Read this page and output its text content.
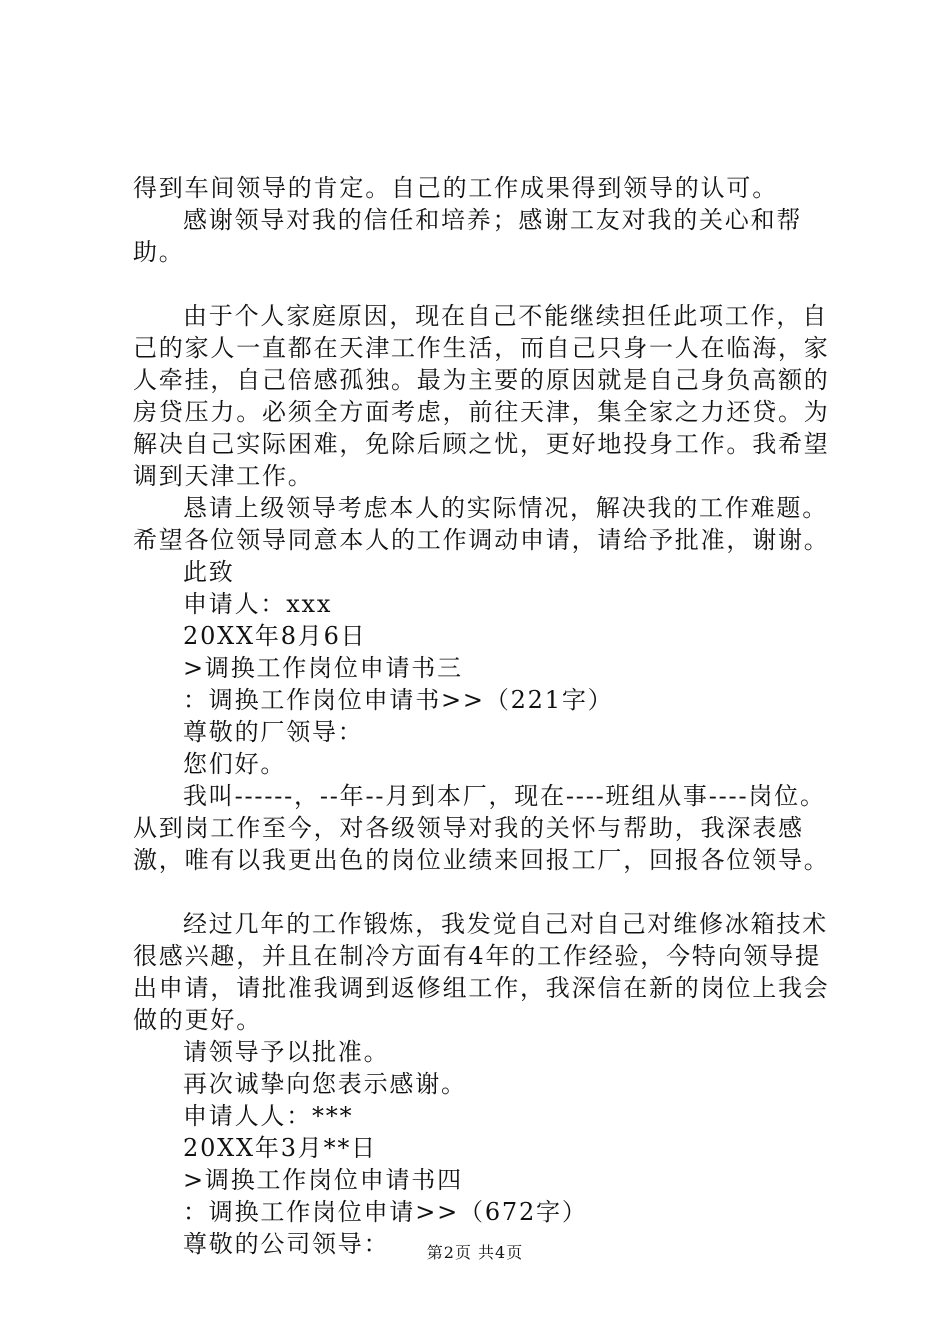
得到车间领导的肯定。自己的工作成果得到领导的认可。

感谢领导对我的信任和培养；感谢工友对我的关心和帮助。

由于个人家庭原因，现在自己不能继续担任此项工作，自己的家人一直都在天津工作生活，而自己只身一人在临海，家人牵挂，自己倍感孤独。最为主要的原因就是自己身负高额的房贷压力。必须全方面考虑，前往天津，集全家之力还贷。为解决自己实际困难，免除后顾之忧，更好地投身工作。我希望调到天津工作。

恳请上级领导考虑本人的实际情况，解决我的工作难题。希望各位领导同意本人的工作调动申请，请给予批准，谢谢。

此致

申请人：xxx

20XX年8月6日

>调换工作岗位申请书三

：调换工作岗位申请书>>（221字）

尊敬的厂领导：

您们好。

我叫------，--年--月到本厂，现在----班组从事----岗位。从到岗工作至今，对各级领导对我的关怀与帮助，我深表感激，唯有以我更出色的岗位业绩来回报工厂，回报各位领导。

经过几年的工作锻炼，我发觉自己对自己对维修冰箱技术很感兴趣，并且在制冷方面有4年的工作经验，今特向领导提出申请，请批准我调到返修组工作，我深信在新的岗位上我会做的更好。

请领导予以批准。

再次诚挚向您表示感谢。

申请人人：***

20XX年3月**日

>调换工作岗位申请书四

：调换工作岗位申请>>（672字）

尊敬的公司领导：	第2页 共4页
